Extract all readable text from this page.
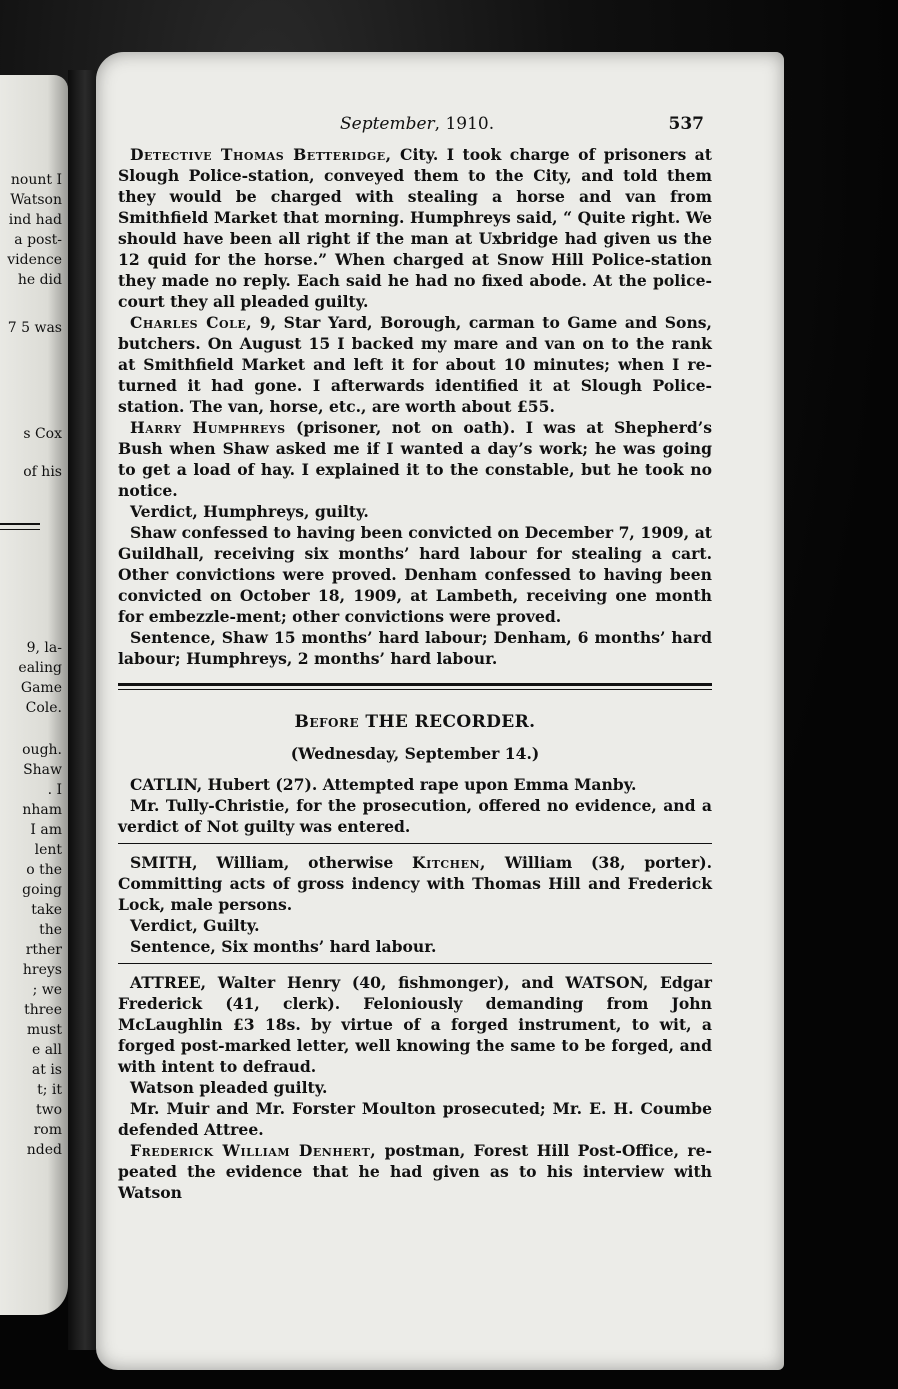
nount I
Watson
ind had
a post-
vidence
he did
7 5 was
s Cox
of his
9, la-
ealing
Game
Cole.
ough.
Shaw
. I
nham
I am
lent
o the
going
take
the
rther
hreys
; we
three
must
e all
at is
t; it
two
rom
nded
September, 1910.	537

Detective Thomas Betteridge, City. I took charge of prisoners at Slough Police-station, conveyed them to the City, and told them they would be charged with stealing a horse and van from Smithfield Market that morning. Humphreys said, “ Quite right. We should have been all right if the man at Uxbridge had given us the 12 quid for the horse.” When charged at Snow Hill Police-station they made no reply. Each said he had no fixed abode. At the police-court they all pleaded guilty.

Charles Cole, 9, Star Yard, Borough, carman to Game and Sons, butchers. On August 15 I backed my mare and van on to the rank at Smithfield Market and left it for about 10 minutes; when I re-turned it had gone. I afterwards identified it at Slough Police-station. The van, horse, etc., are worth about £55.

Harry Humphreys (prisoner, not on oath). I was at Shepherd’s Bush when Shaw asked me if I wanted a day’s work; he was going to get a load of hay. I explained it to the constable, but he took no notice.

Verdict, Humphreys, guilty.

Shaw confessed to having been convicted on December 7, 1909, at Guildhall, receiving six months’ hard labour for stealing a cart. Other convictions were proved. Denham confessed to having been convicted on October 18, 1909, at Lambeth, receiving one month for embezzle-ment; other convictions were proved.

Sentence, Shaw 15 months’ hard labour; Denham, 6 months’ hard labour; Humphreys, 2 months’ hard labour.

Before THE RECORDER.

(Wednesday, September 14.)

CATLIN, Hubert (27). Attempted rape upon Emma Manby.

Mr. Tully-Christie, for the prosecution, offered no evidence, and a verdict of Not guilty was entered.

SMITH, William, otherwise Kitchen, William (38, porter). Committing acts of gross indency with Thomas Hill and Frederick Lock, male persons.

Verdict, Guilty.

Sentence, Six months’ hard labour.

ATTREE, Walter Henry (40, fishmonger), and WATSON, Edgar Frederick (41, clerk). Feloniously demanding from John McLaughlin £3 18s. by virtue of a forged instrument, to wit, a forged post-marked letter, well knowing the same to be forged, and with intent to defraud.

Watson pleaded guilty.

Mr. Muir and Mr. Forster Moulton prosecuted; Mr. E. H. Coumbe defended Attree.

Frederick William Denhert, postman, Forest Hill Post-Office, re-peated the evidence that he had given as to his interview with Watson
